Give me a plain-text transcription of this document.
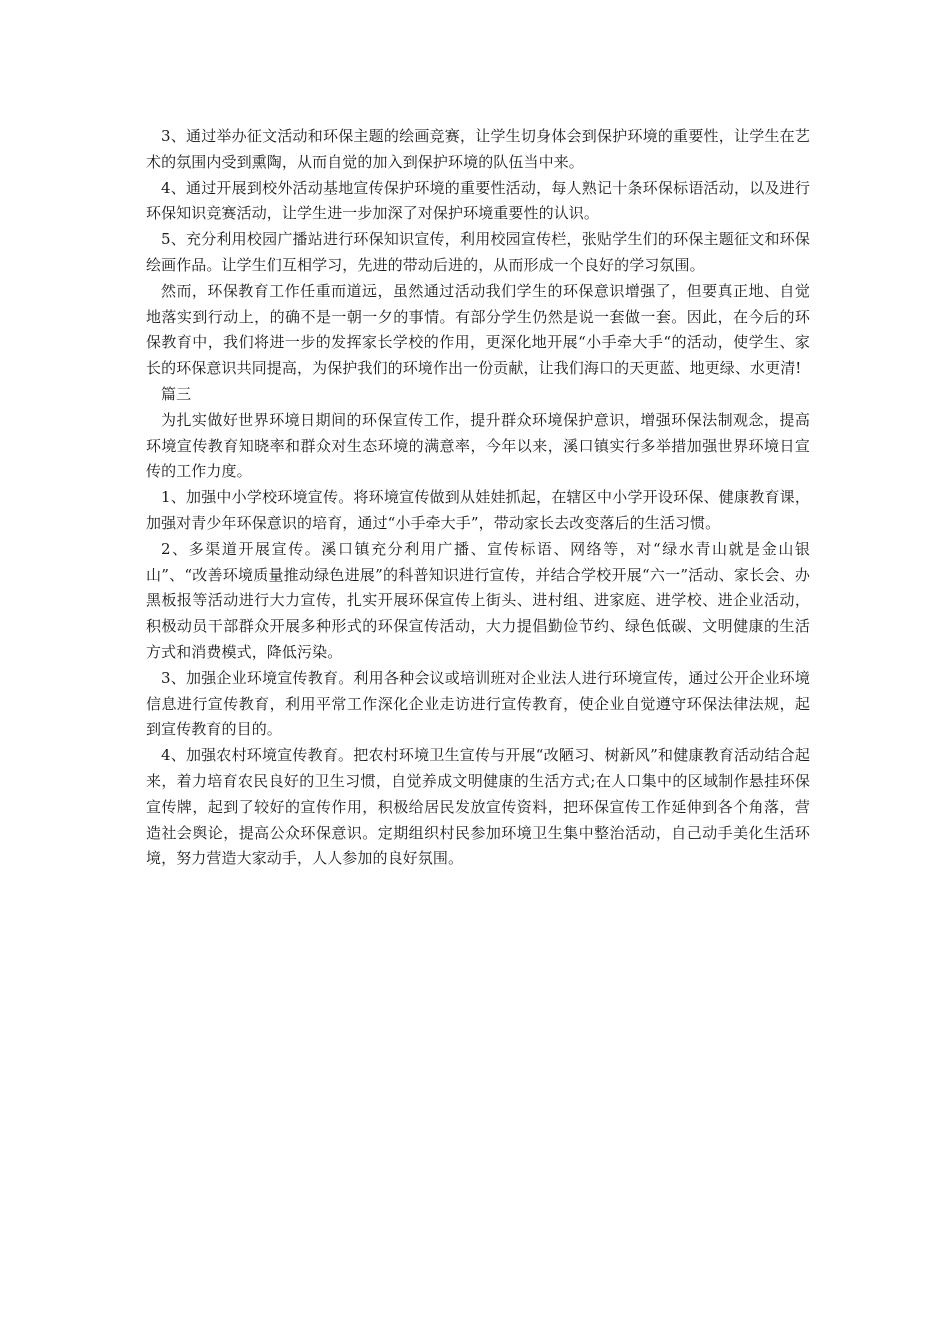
3、通过举办征文活动和环保主题的绘画竞赛，让学生切身体会到保护环境的重要性，让学生在艺术的氛围内受到熏陶，从而自觉的加入到保护环境的队伍当中来。

4、通过开展到校外活动基地宣传保护环境的重要性活动，每人熟记十条环保标语活动，以及进行环保知识竞赛活动，让学生进一步加深了对保护环境重要性的认识。

5、充分利用校园广播站进行环保知识宣传，利用校园宣传栏，张贴学生们的环保主题征文和环保绘画作品。让学生们互相学习，先进的带动后进的，从而形成一个良好的学习氛围。

然而，环保教育工作任重而道远，虽然通过活动我们学生的环保意识增强了，但要真正地、自觉地落实到行动上，的确不是一朝一夕的事情。有部分学生仍然是说一套做一套。因此，在今后的环保教育中，我们将进一步的发挥家长学校的作用，更深化地开展“小手牵大手“的活动，使学生、家长的环保意识共同提高，为保护我们的环境作出一份贡献，让我们海口的天更蓝、地更绿、水更清!

篇三

为扎实做好世界环境日期间的环保宣传工作，提升群众环境保护意识，增强环保法制观念，提高环境宣传教育知晓率和群众对生态环境的满意率，今年以来，溪口镇实行多举措加强世界环境日宣传的工作力度。

1、加强中小学校环境宣传。将环境宣传做到从娃娃抓起，在辖区中小学开设环保、健康教育课，加强对青少年环保意识的培育，通过“小手牵大手”，带动家长去改变落后的生活习惯。

2、多渠道开展宣传。溪口镇充分利用广播、宣传标语、网络等，对“绿水青山就是金山银山”、“改善环境质量推动绿色进展”的科普知识进行宣传，并结合学校开展“六一”活动、家长会、办黑板报等活动进行大力宣传，扎实开展环保宣传上街头、进村组、进家庭、进学校、进企业活动，积极动员干部群众开展多种形式的环保宣传活动，大力提倡勤俭节约、绿色低碳、文明健康的生活方式和消费模式，降低污染。

3、加强企业环境宣传教育。利用各种会议或培训班对企业法人进行环境宣传，通过公开企业环境信息进行宣传教育，利用平常工作深化企业走访进行宣传教育，使企业自觉遵守环保法律法规，起到宣传教育的目的。

4、加强农村环境宣传教育。把农村环境卫生宣传与开展“改陋习、树新风”和健康教育活动结合起来，着力培育农民良好的卫生习惯，自觉养成文明健康的生活方式;在人口集中的区域制作悬挂环保宣传牌，起到了较好的宣传作用，积极给居民发放宣传资料，把环保宣传工作延伸到各个角落，营造社会舆论，提高公众环保意识。定期组织村民参加环境卫生集中整治活动，自己动手美化生活环境，努力营造大家动手，人人参加的良好氛围。
